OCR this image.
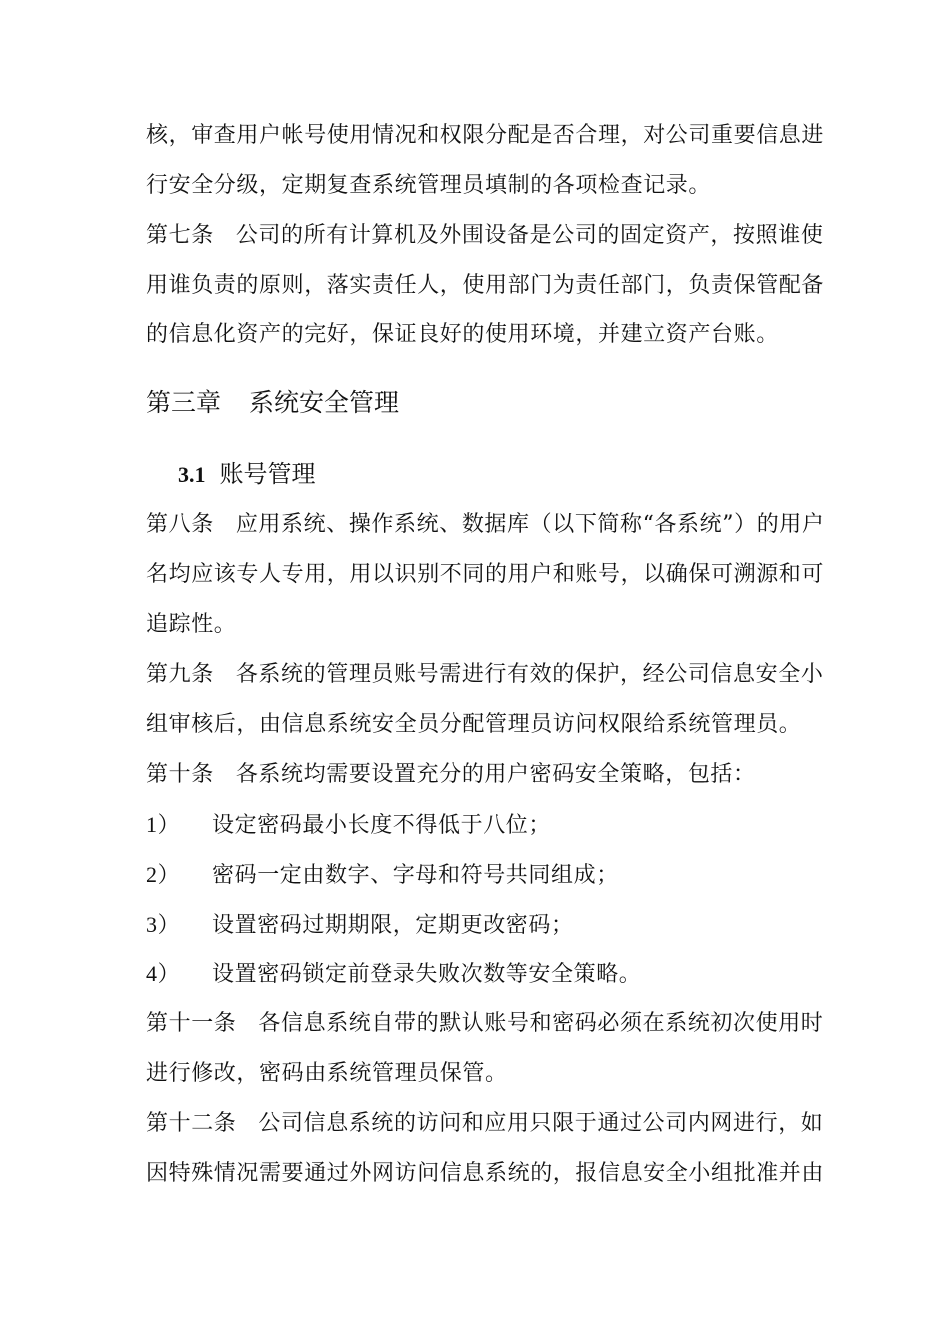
核，审查用户帐号使用情况和权限分配是否合理，对公司重要信息进
行安全分级，定期复查系统管理员填制的各项检查记录。
第七条 公司的所有计算机及外围设备是公司的固定资产，按照谁使
用谁负责的原则，落实责任人，使用部门为责任部门，负责保管配备
的信息化资产的完好，保证良好的使用环境，并建立资产台账。
第三章 系统安全管理
3.1 账号管理
第八条 应用系统、操作系统、数据库（以下简称“各系统”）的用户
名均应该专人专用，用以识别不同的用户和账号，以确保可溯源和可
追踪性。
第九条 各系统的管理员账号需进行有效的保护，经公司信息安全小
组审核后，由信息系统安全员分配管理员访问权限给系统管理员。
第十条 各系统均需要设置充分的用户密码安全策略，包括：
1） 设定密码最小长度不得低于八位；
2） 密码一定由数字、字母和符号共同组成；
3） 设置密码过期期限，定期更改密码；
4） 设置密码锁定前登录失败次数等安全策略。
第十一条 各信息系统自带的默认账号和密码必须在系统初次使用时
进行修改，密码由系统管理员保管。
第十二条 公司信息系统的访问和应用只限于通过公司内网进行，如
因特殊情况需要通过外网访问信息系统的，报信息安全小组批准并由
